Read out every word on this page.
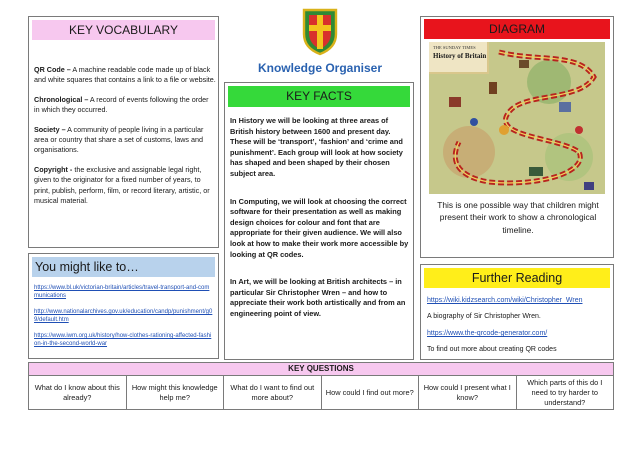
KEY VOCABULARY

QR Code – A machine readable code made up of black and white squares that contains a link to a file or website.

Chronological – A record of events following the order in which they occurred.

Society – A community of people living in a particular area or country that share a set of customs, laws and organisations.

Copyright - the exclusive and assignable legal right, given to the originator for a fixed number of years, to print, publish, perform, film, or record literary, artistic, or musical material.

You might like to…
https://www.bl.uk/victorian-britain/articles/travel-transport-and-communications
http://www.nationalarchives.gov.uk/education/candp/punishment/g09/default.htm
https://www.iwm.org.uk/history/how-clothes-rationing-affected-fashion-in-the-second-world-war
Knowledge Organiser
KEY FACTS

In History we will be looking at three areas of British history between 1600 and present day. These will be ‘transport’, ‘fashion’ and ‘crime and punishment’. Each group will look at how society has shaped and been shaped by their chosen subject area.

In Computing, we will look at choosing the correct software for their presentation as well as making design choices for colour and font that are appropriate for their given audience. We will also look at how to make their work more accessible by looking at QR codes.

In Art, we will be looking at British architects – in particular Sir Christopher Wren – and how to appreciate their work both artistically and from an engineering point of view.

DIAGRAM
THE SUNDAY TIMES
History of Britain
This is one possible way that children might present their work to show a chronological timeline.
Further Reading
https://wiki.kidzsearch.com/wiki/Christopher_Wren
A biography of Sir Christopher Wren.
https://www.the-qrcode-generator.com/
To find out more about creating QR codes
KEY QUESTIONS
What do I know about this already?
How might this knowledge help me?
What do I want to find out more about?
How could I find out more?
How could I present what I know?
Which parts of this do I need to try harder to understand?
